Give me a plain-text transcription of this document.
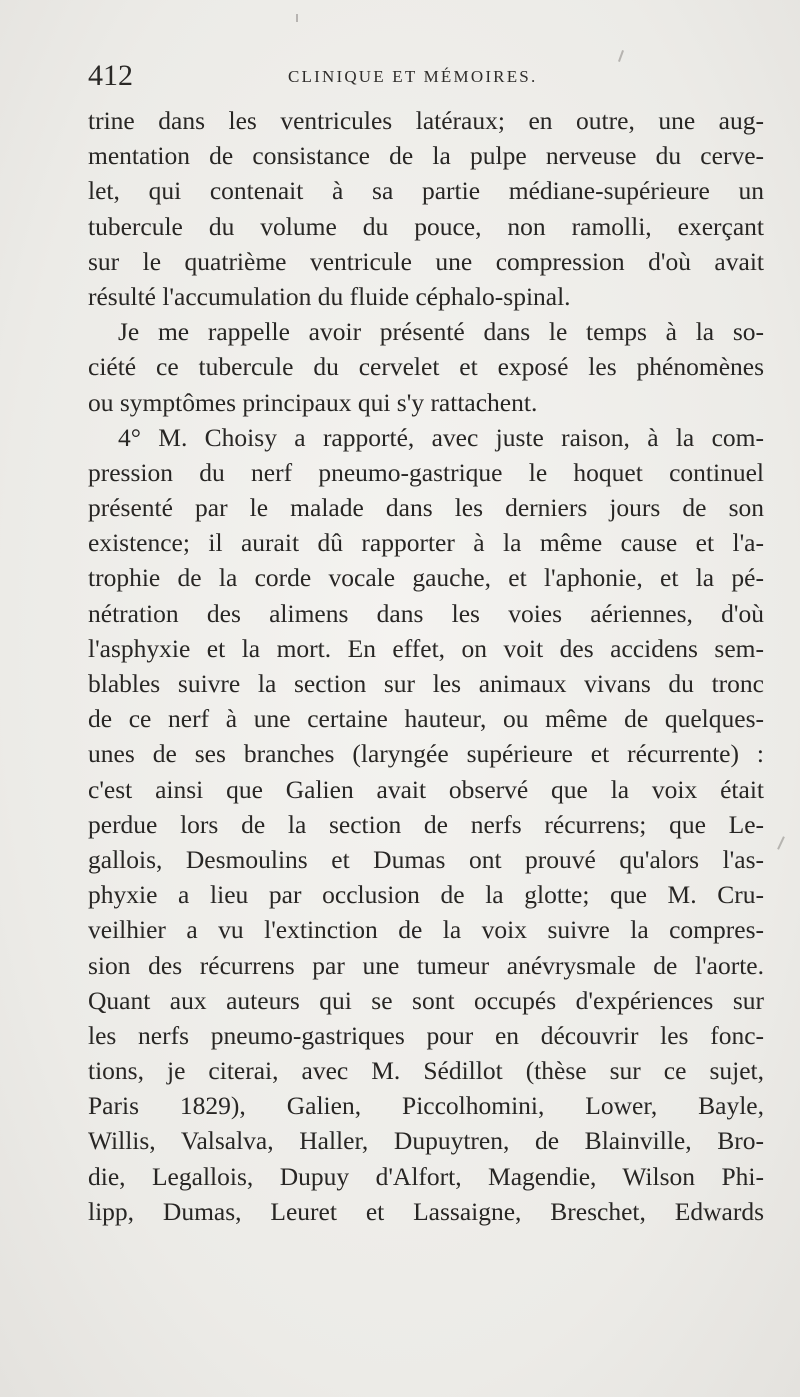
412	CLINIQUE ET MÉMOIRES.
trine dans les ventricules latéraux; en outre, une aug-
mentation de consistance de la pulpe nerveuse du cerve-
let, qui contenait à sa partie médiane-supérieure un
tubercule du volume du pouce, non ramolli, exerçant
sur le quatrième ventricule une compression d'où avait
résulté l'accumulation du fluide céphalo-spinal.
Je me rappelle avoir présenté dans le temps à la so-
ciété ce tubercule du cervelet et exposé les phénomènes
ou symptômes principaux qui s'y rattachent.
4° M. Choisy a rapporté, avec juste raison, à la com-
pression du nerf pneumo-gastrique le hoquet continuel
présenté par le malade dans les derniers jours de son
existence; il aurait dû rapporter à la même cause et l'a-
trophie de la corde vocale gauche, et l'aphonie, et la pé-
nétration des alimens dans les voies aériennes, d'où
l'asphyxie et la mort. En effet, on voit des accidens sem-
blables suivre la section sur les animaux vivans du tronc
de ce nerf à une certaine hauteur, ou même de quelques-
unes de ses branches (laryngée supérieure et récurrente) :
c'est ainsi que Galien avait observé que la voix était
perdue lors de la section de nerfs récurrens; que Le-
gallois, Desmoulins et Dumas ont prouvé qu'alors l'as-
phyxie a lieu par occlusion de la glotte; que M. Cru-
veilhier a vu l'extinction de la voix suivre la compres-
sion des récurrens par une tumeur anévrysmale de l'aorte.
Quant aux auteurs qui se sont occupés d'expériences sur
les nerfs pneumo-gastriques pour en découvrir les fonc-
tions, je citerai, avec M. Sédillot (thèse sur ce sujet,
Paris 1829), Galien, Piccolhomini, Lower, Bayle,
Willis, Valsalva, Haller, Dupuytren, de Blainville, Bro-
die, Legallois, Dupuy d'Alfort, Magendie, Wilson Phi-
lipp, Dumas, Leuret et Lassaigne, Breschet, Edwards
